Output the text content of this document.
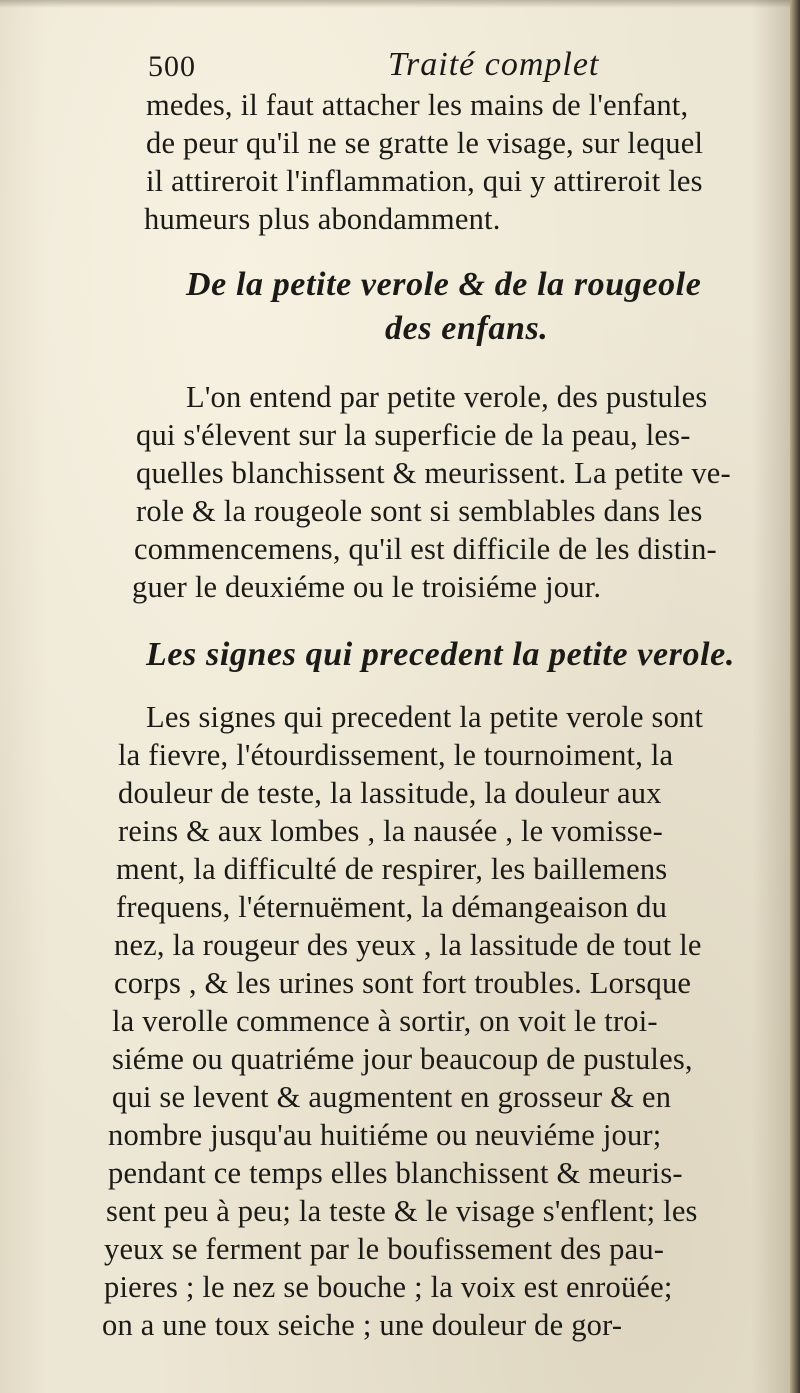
500	Traité complet
medes, il faut attacher les mains de l'enfant,
de peur qu'il ne se gratte le visage, sur lequel
il attireroit l'inflammation, qui y attireroit les
humeurs plus abondamment.
De la petite verole & de la rougeole
des enfans.
L'on entend par petite verole, des pustules
qui s'élevent sur la superficie de la peau, les-
quelles blanchissent & meurissent. La petite ve-
role & la rougeole sont si semblables dans les
commencemens, qu'il est difficile de les distin-
guer le deuxiéme ou le troisiéme jour.
Les signes qui precedent la petite verole.
Les signes qui precedent la petite verole sont
la fievre, l'étourdissement, le tournoiment, la
douleur de teste, la lassitude, la douleur aux
reins & aux lombes , la nausée , le vomisse-
ment, la difficulté de respirer, les baillemens
frequens, l'éternuëment, la démangeaison du
nez, la rougeur des yeux , la lassitude de tout le
corps , & les urines sont fort troubles. Lorsque
la verolle commence à sortir, on voit le troi-
siéme ou quatriéme jour beaucoup de pustules,
qui se levent & augmentent en grosseur & en
nombre jusqu'au huitiéme ou neuviéme jour;
pendant ce temps elles blanchissent & meuris-
sent peu à peu; la teste & le visage s'enflent; les
yeux se ferment par le boufissement des pau-
pieres ; le nez se bouche ; la voix est enroüée;
on a une toux seiche ; une douleur de gor-
